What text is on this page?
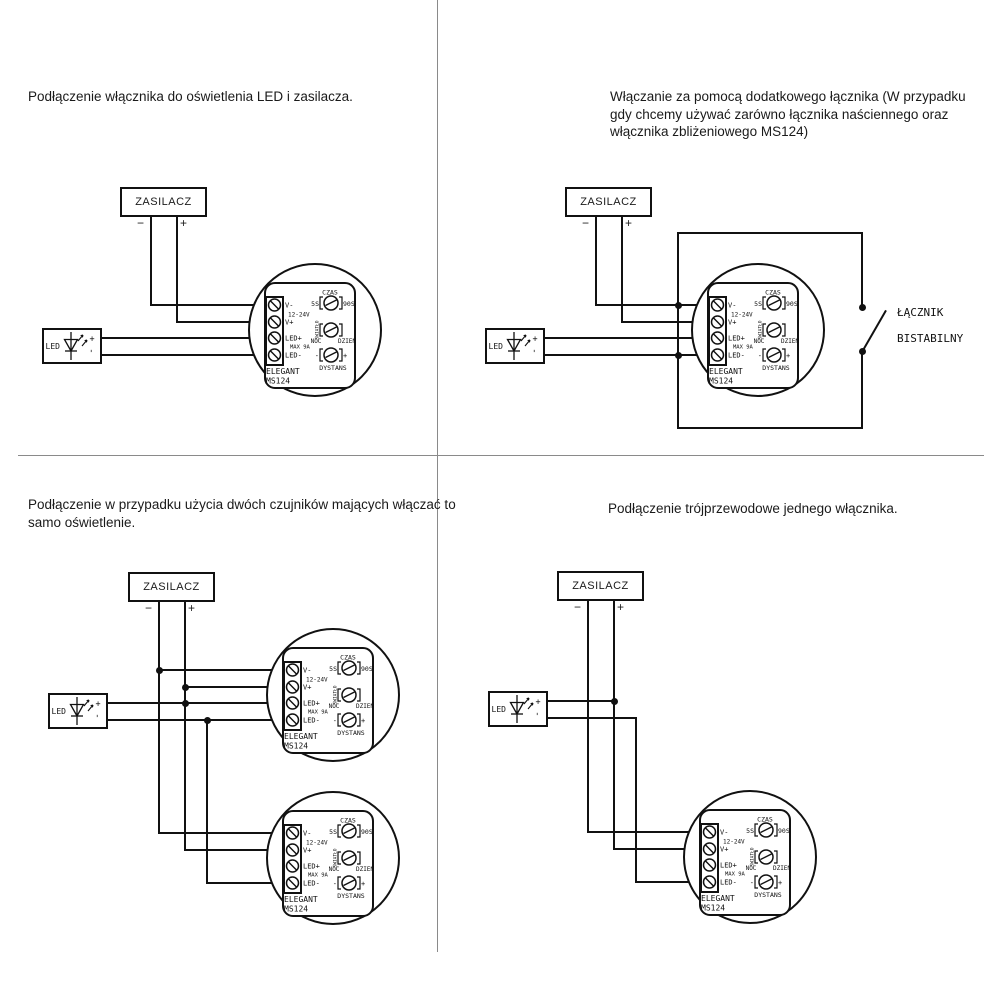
Podłączenie włącznika do oświetlenia LED i zasilacza.
ZASILACZ
−	+
LED
+
-
V-
12-24V
V+
LED+
MAX 9A
LED-
ELEGANT
MS124
CZAS
5S	90S
ŚWIATŁO
NOC	DZIEŃ
-	+
DYSTANS
Włączanie za pomocą dodatkowego łącznika (W przypadku gdy chcemy używać zarówno łącznika naściennego oraz włącznika zbliżeniowego MS124)
ZASILACZ
−	+
LED
+
-
V-
12-24V
V+
LED+
MAX 9A
LED-
ELEGANT
MS124
CZAS
5S	90S
ŚWIATŁO
NOC	DZIEŃ
-	+
DYSTANS
ŁĄCZNIK
BISTABILNY
Podłączenie w przypadku użycia dwóch czujników mających włączać to samo oświetlenie.
ZASILACZ
−	+
LED
+
-
V-
12-24V
V+
LED+
MAX 9A
LED-
ELEGANT
MS124
CZAS
5S	90S
ŚWIATŁO
NOC	DZIEŃ
-	+
DYSTANS
V-
12-24V
V+
LED+
MAX 9A
LED-
ELEGANT
MS124
CZAS
5S	90S
ŚWIATŁO
NOC	DZIEŃ
-	+
DYSTANS
Podłączenie trójprzewodowe jednego włącznika.
ZASILACZ
−	+
LED
+
-
V-
12-24V
V+
LED+
MAX 9A
LED-
ELEGANT
MS124
CZAS
5S	90S
ŚWIATŁO
NOC	DZIEŃ
-	+
DYSTANS
